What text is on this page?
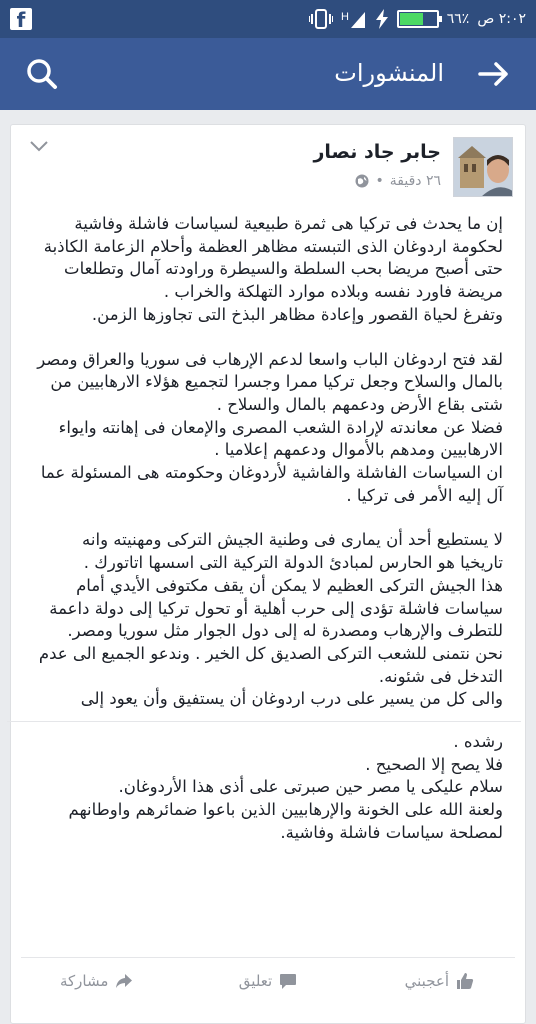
f	H	٦٦٪ ٢:٠٢ ص
المنشورات
جابر جاد نصار
٢٦ دقيقة
•
إن ما يحدث فى تركيا هى ثمرة طبيعية لسياسات فاشلة وفاشية
لحكومة اردوغان الذى التبسته مظاهر العظمة وأحلام الزعامة الكاذبة
حتى أصبح مريضا بحب السلطة والسيطرة وراودته آمال وتطلعات
مريضة فاورد نفسه وبلاده موارد التهلكة والخراب .
وتفرغ لحياة القصور وإعادة مظاهر البذخ التى تجاوزها الزمن.
لقد فتح اردوغان الباب واسعا لدعم الإرهاب فى سوريا والعراق ومصر
بالمال والسلاح وجعل تركيا ممرا وجسرا لتجميع هؤلاء الارهابيين من
شتى بقاع الأرض ودعمهم بالمال والسلاح .
فضلا عن معاندته لإرادة الشعب المصرى والإمعان فى إهانته وايواء
الارهابيين ومدهم بالأموال ودعمهم إعلاميا .
ان السياسات الفاشلة والفاشية لأردوغان وحكومته هى المسئولة عما
آل إليه الأمر فى تركيا .
لا يستطيع أحد أن يمارى فى وطنية الجيش التركى ومهنيته وانه
تاريخيا هو الحارس لمبادئ الدولة التركية التى اسسها اتاتورك .
هذا الجيش التركى العظيم لا يمكن أن يقف مكتوفى الأيدي أمام
سياسات فاشلة تؤدى إلى حرب أهلية أو تحول تركيا إلى دولة داعمة
للتطرف والإرهاب ومصدرة له إلى دول الجوار مثل سوريا ومصر.
نحن نتمنى للشعب التركى الصديق كل الخير . وندعو الجميع الى عدم
التدخل فى شئونه.
والى كل من يسير على درب اردوغان أن يستفيق وأن يعود إلى
رشده .
فلا يصح إلا الصحيح .
سلام عليكى يا مصر حين صبرتى على أذى هذا الأردوغان.
ولعنة الله على الخونة والإرهابيين الذين باعوا ضمائرهم واوطانهم
لمصلحة سياسات فاشلة وفاشية.
أعجبني
تعليق
مشاركة
